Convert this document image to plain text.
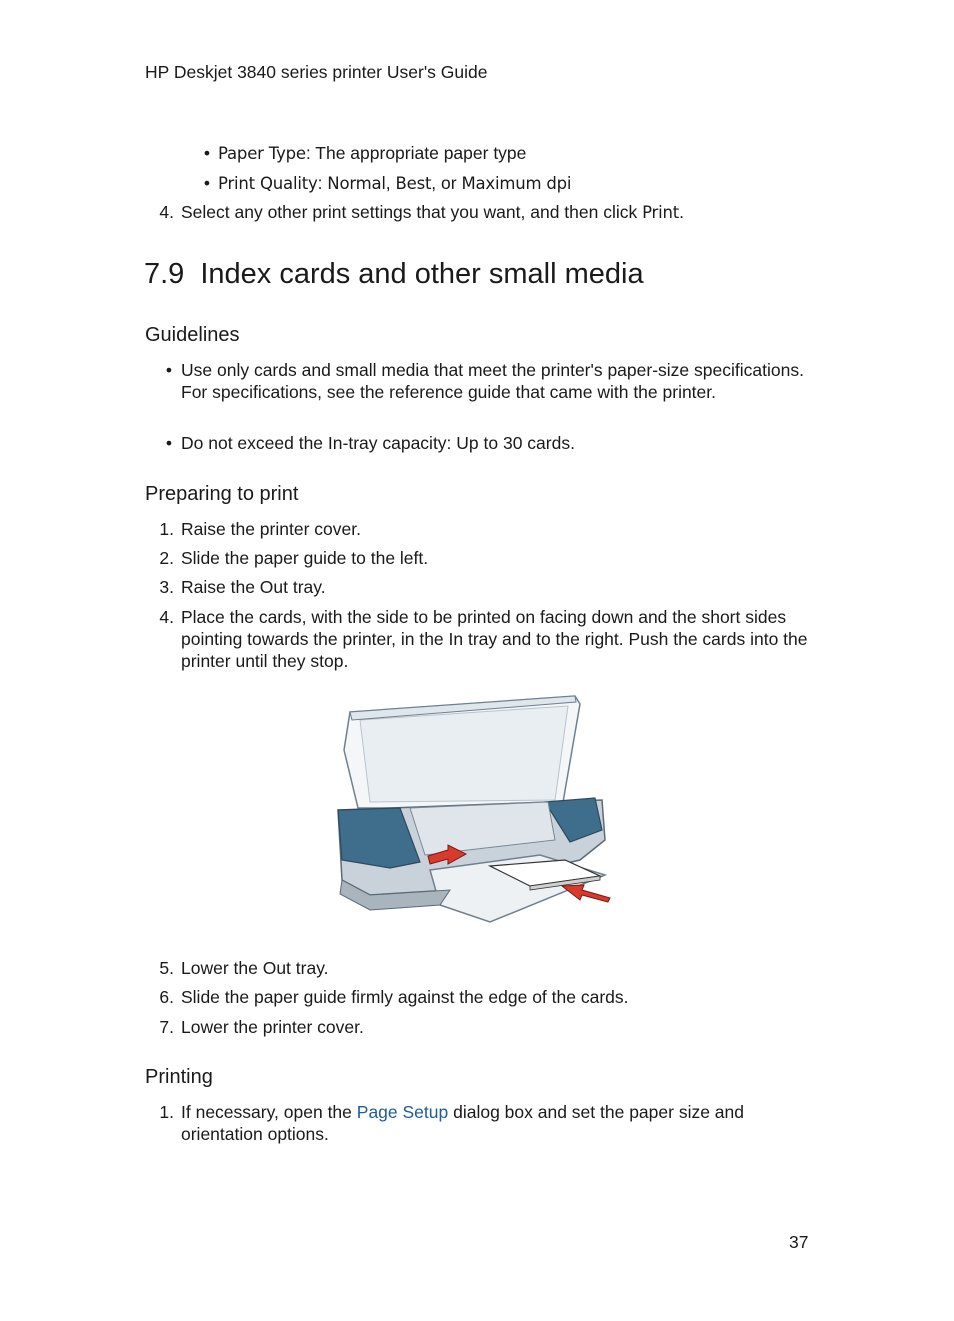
HP Deskjet 3840 series printer User's Guide
• Paper Type: The appropriate paper type
• Print Quality: Normal, Best, or Maximum dpi
4. Select any other print settings that you want, and then click Print.
7.9 Index cards and other small media
Guidelines
• Use only cards and small media that meet the printer's paper-size specifications. For specifications, see the reference guide that came with the printer.
• Do not exceed the In-tray capacity: Up to 30 cards.
Preparing to print
1. Raise the printer cover.
2. Slide the paper guide to the left.
3. Raise the Out tray.
4. Place the cards, with the side to be printed on facing down and the short sides pointing towards the printer, in the In tray and to the right. Push the cards into the printer until they stop.
5. Lower the Out tray.
6. Slide the paper guide firmly against the edge of the cards.
7. Lower the printer cover.
Printing
1. If necessary, open the Page Setup dialog box and set the paper size and orientation options.
37
